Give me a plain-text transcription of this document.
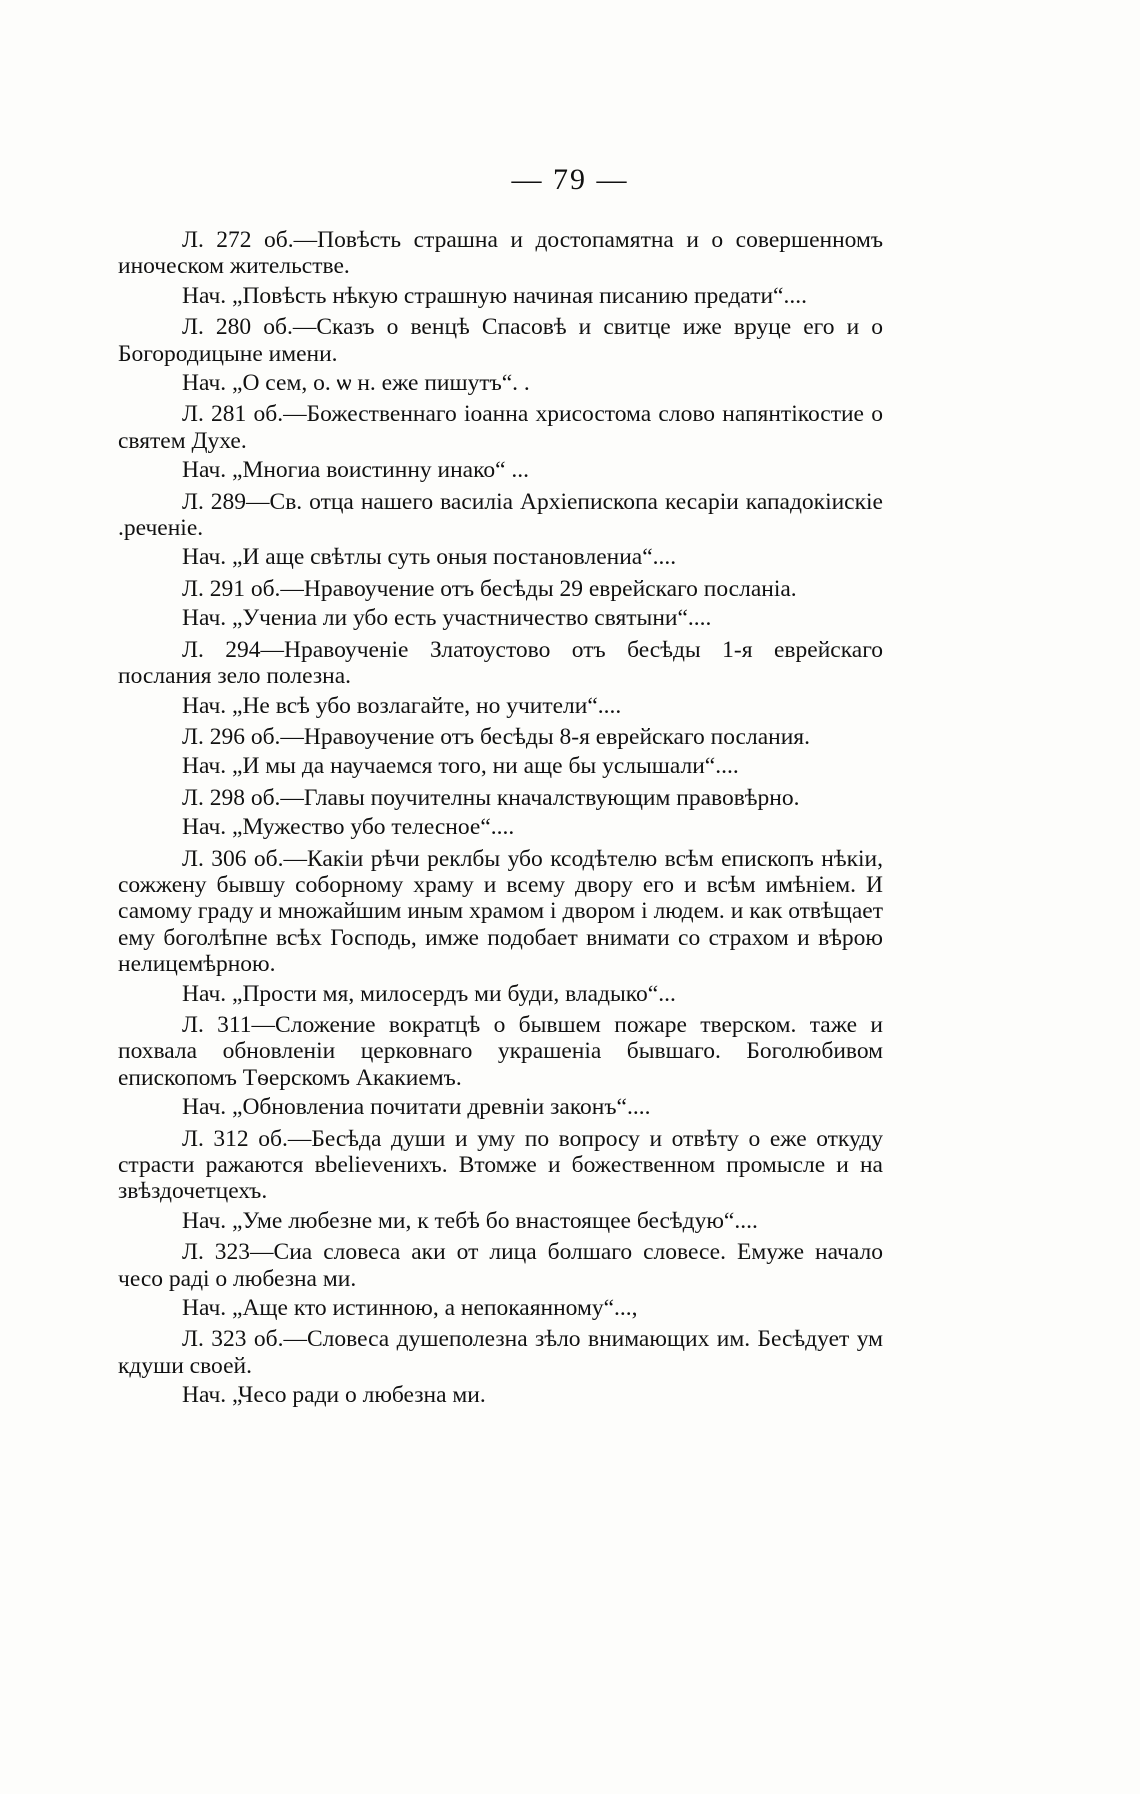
— 79 —

Л. 272 об.—Повѣсть страшна и достопамятна и о совершенномъ иноческом жительстве.

Нач. „Повѣсть нѣкую страшную начиная писанию предати“....

Л. 280 об.—Сказъ о венцѣ Спасовѣ и свитце иже вруце его и о Богородицыне имени.

Нач. „О сем, о. ѡ н. еже пишутъ“. .

Л. 281 об.—Божественнаго іоанна хрисостома слово напянтікостие о святем Духе.

Нач. „Многиа воистинну инако“ ...

Л. 289—Св. отца нашего василіа Архіепископа кесаріи кападокіискіе .реченіе.

Нач. „И аще свѣтлы суть оныя постановлениа“....

Л. 291 об.—Нравоучение отъ бесѣды 29 еврейскаго посланіа.

Нач. „Учениа ли убо есть участничество святыни“....

Л. 294—Нравоученіе Златоустово отъ бесѣды 1-я еврейскаго послания зело полезна.

Нач. „Не всѣ убо возлагайте, но учители“....

Л. 296 об.—Нравоучение отъ бесѣды 8-я еврейскаго послания.

Нач. „И мы да научаемся того, ни аще бы услышали“....

Л. 298 об.—Главы поучителны кначалствующим правовѣрно.

Нач. „Мужество убо телесное“....

Л. 306 об.—Какіи рѣчи реклбы убо ксодѣтелю всѣм епископъ нѣкіи, сожжену бывшу соборному храму и всему двору его и всѣм имѣніем. И самому граду и множайшим иным храмом і двором і людем. и как отвѣщает ему боголѣпне всѣх Господь, имже подобает внимати со страхом и вѣрою нелицемѣрною.

Нач. „Прости мя, милосердъ ми буди, владыко“...

Л. 311—Сложение вократцѣ о бывшем пожаре тверском. таже и похвала обновленіи церковнаго украшеніа бывшаго. Боголюбивом епископомъ Тѳерскомъ Акакиемъ.

Нач. „Обновлениа почитати древніи законъ“....

Л. 312 об.—Бесѣда души и уму по вопросу и отвѣту о еже откуду страсти ражаются вbelieveнихъ. Втомже и божественном промысле и на звѣздочетцехъ.

Нач. „Уме любезне ми, к тебѣ бо внастоящее бесѣдую“....

Л. 323—Сиа словеса аки от лица болшаго словесе. Емуже начало чесо раді о любезна ми.

Нач. „Аще кто истинною, а непокаянному“...,

Л. 323 об.—Словеса душеполезна зѣло внимающих им. Бесѣдует ум кдуши своей.

Нач. „Чесо ради о любезна ми.
